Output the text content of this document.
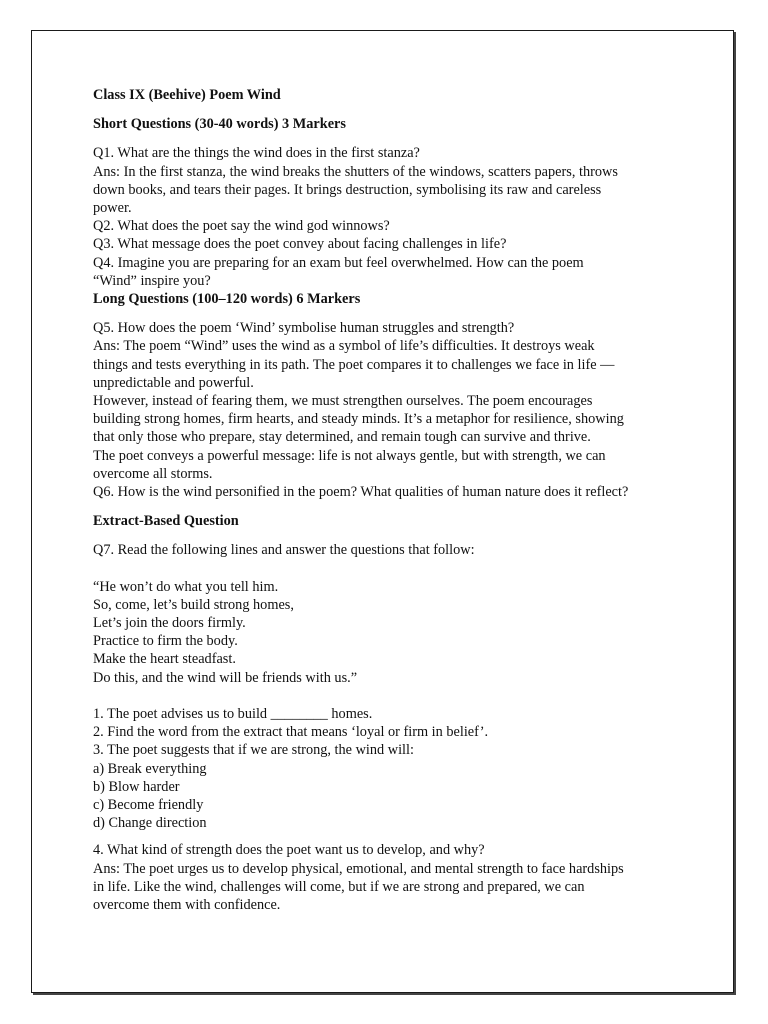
Class IX (Beehive) Poem Wind

Short Questions (30-40 words) 3 Markers

Q1. What are the things the wind does in the first stanza?

Ans: In the first stanza, the wind breaks the shutters of the windows, scatters papers, throws

down books, and tears their pages. It brings destruction, symbolising its raw and careless

power.

Q2. What does the poet say the wind god winnows?

Q3. What message does the poet convey about facing challenges in life?

Q4. Imagine you are preparing for an exam but feel overwhelmed. How can the poem

“Wind” inspire you?

Long Questions (100–120 words) 6 Markers

Q5. How does the poem ‘Wind’ symbolise human struggles and strength?

Ans: The poem “Wind” uses the wind as a symbol of life’s difficulties. It destroys weak

things and tests everything in its path. The poet compares it to challenges we face in life —

unpredictable and powerful.

However, instead of fearing them, we must strengthen ourselves. The poem encourages

building strong homes, firm hearts, and steady minds. It’s a metaphor for resilience, showing

that only those who prepare, stay determined, and remain tough can survive and thrive.

The poet conveys a powerful message: life is not always gentle, but with strength, we can

overcome all storms.

Q6. How is the wind personified in the poem? What qualities of human nature does it reflect?

Extract-Based Question

Q7. Read the following lines and answer the questions that follow:

“He won’t do what you tell him.

So, come, let’s build strong homes,

Let’s join the doors firmly.

Practice to firm the body.

Make the heart steadfast.

Do this, and the wind will be friends with us.”

1. The poet advises us to build ________ homes.

2. Find the word from the extract that means ‘loyal or firm in belief’.

3. The poet suggests that if we are strong, the wind will:

a) Break everything

b) Blow harder

c) Become friendly

d) Change direction

4. What kind of strength does the poet want us to develop, and why?

Ans: The poet urges us to develop physical, emotional, and mental strength to face hardships

in life. Like the wind, challenges will come, but if we are strong and prepared, we can

overcome them with confidence.
